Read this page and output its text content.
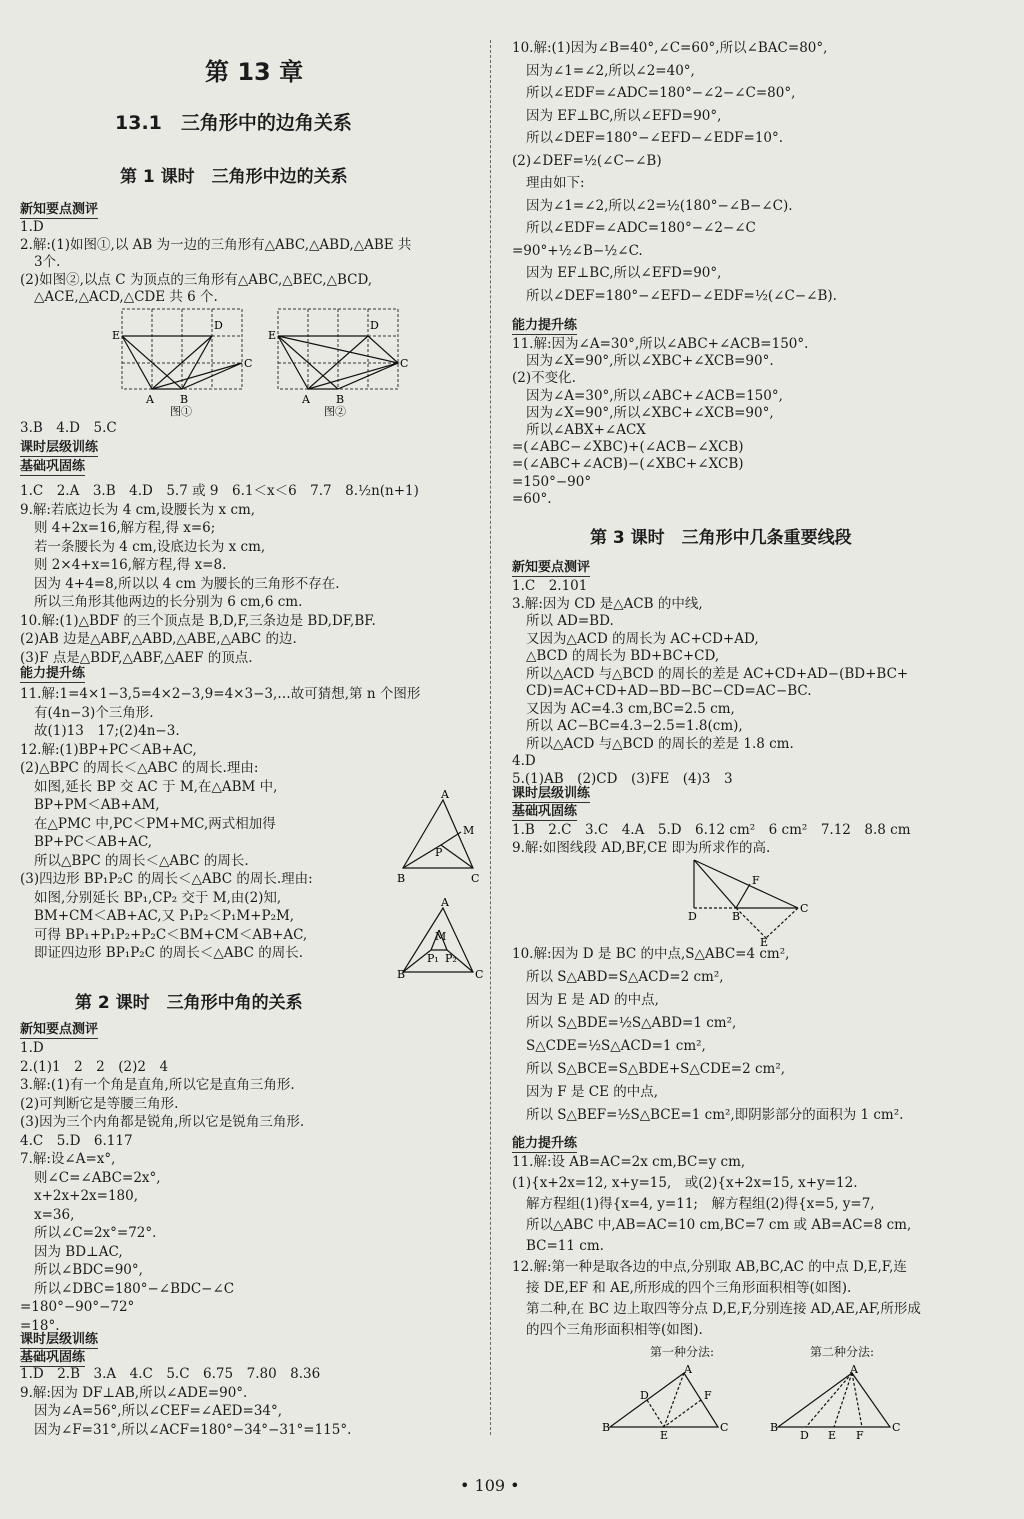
第 13 章
13.1　三角形中的边角关系
第 1 课时　三角形中边的关系
新知要点测评
1.D
2.解:(1)如图①,以 AB 为一边的三角形有△ABC,△ABD,△ABE 共
3个.
(2)如图②,以点 C 为顶点的三角形有△ABC,△BEC,△BCD,
△ACE,△ACD,△CDE 共 6 个.
E
D
A B
C
E
D
A B
C
图①	图②
3.B　4.D　5.C
课时层级训练
基础巩固练
1.C　2.A　3.B　4.D　5.7 或 9　6.1＜x＜6　7.7　8.½n(n+1)
9.解:若底边长为 4 cm,设腰长为 x cm,
则 4+2x=16,解方程,得 x=6;
若一条腰长为 4 cm,设底边长为 x cm,
则 2×4+x=16,解方程,得 x=8.
因为 4+4=8,所以以 4 cm 为腰长的三角形不存在.
所以三角形其他两边的长分别为 6 cm,6 cm.
10.解:(1)△BDF 的三个顶点是 B,D,F,三条边是 BD,DF,BF.
(2)AB 边是△ABF,△ABD,△ABE,△ABC 的边.
(3)F 点是△BDF,△ABF,△AEF 的顶点.
能力提升练
11.解:1=4×1−3,5=4×2−3,9=4×3−3,…故可猜想,第 n 个图形
有(4n−3)个三角形.
故(1)13　17;(2)4n−3.
12.解:(1)BP+PC＜AB+AC,
(2)△BPC 的周长＜△ABC 的周长.理由:
如图,延长 BP 交 AC 于 M,在△ABM 中,
BP+PM＜AB+AM,
在△PMC 中,PC＜PM+MC,两式相加得
BP+PC＜AB+AC,
所以△BPC 的周长＜△ABC 的周长.
(3)四边形 BP₁P₂C 的周长＜△ABC 的周长.理由:
如图,分别延长 BP₁,CP₂ 交于 M,由(2)知,
BM+CM＜AB+AC,又 P₁P₂＜P₁M+P₂M,
可得 BP₁+P₁P₂+P₂C＜BM+CM＜AB+AC,
即证四边形 BP₁P₂C 的周长＜△ABC 的周长.
A
B	C
M
P
A
B	C
M
P₁ P₂
第 2 课时　三角形中角的关系
新知要点测评
1.D
2.(1)1　2　2　(2)2　4
3.解:(1)有一个角是直角,所以它是直角三角形.
(2)可判断它是等腰三角形.
(3)因为三个内角都是锐角,所以它是锐角三角形.
4.C　5.D　6.117
7.解:设∠A=x°,
则∠C=∠ABC=2x°,
x+2x+2x=180,
x=36,
所以∠C=2x°=72°.
因为 BD⊥AC,
所以∠BDC=90°,
所以∠DBC=180°−∠BDC−∠C
=180°−90°−72°
=18°.
课时层级训练
基础巩固练
1.D　2.B　3.A　4.C　5.C　6.75　7.80　8.36
9.解:因为 DF⊥AB,所以∠ADE=90°.
因为∠A=56°,所以∠CEF=∠AED=34°,
因为∠F=31°,所以∠ACF=180°−34°−31°=115°.
10.解:(1)因为∠B=40°,∠C=60°,所以∠BAC=80°,
因为∠1=∠2,所以∠2=40°,
所以∠EDF=∠ADC=180°−∠2−∠C=80°,
因为 EF⊥BC,所以∠EFD=90°,
所以∠DEF=180°−∠EFD−∠EDF=10°.
(2)∠DEF=½(∠C−∠B)
理由如下:
因为∠1=∠2,所以∠2=½(180°−∠B−∠C).
所以∠EDF=∠ADC=180°−∠2−∠C
=90°+½∠B−½∠C.
因为 EF⊥BC,所以∠EFD=90°,
所以∠DEF=180°−∠EFD−∠EDF=½(∠C−∠B).
能力提升练
11.解:因为∠A=30°,所以∠ABC+∠ACB=150°.
因为∠X=90°,所以∠XBC+∠XCB=90°.
(2)不变化.
因为∠A=30°,所以∠ABC+∠ACB=150°,
因为∠X=90°,所以∠XBC+∠XCB=90°,
所以∠ABX+∠ACX
=(∠ABC−∠XBC)+(∠ACB−∠XCB)
=(∠ABC+∠ACB)−(∠XBC+∠XCB)
=150°−90°
=60°.
第 3 课时　三角形中几条重要线段
新知要点测评
1.C　2.101
3.解:因为 CD 是△ACB 的中线,
所以 AD=BD.
又因为△ACD 的周长为 AC+CD+AD,
△BCD 的周长为 BD+BC+CD,
所以△ACD 与△BCD 的周长的差是 AC+CD+AD−(BD+BC+
CD)=AC+CD+AD−BD−BC−CD=AC−BC.
又因为 AC=4.3 cm,BC=2.5 cm,
所以 AC−BC=4.3−2.5=1.8(cm),
所以△ACD 与△BCD 的周长的差是 1.8 cm.
4.D
5.(1)AB　(2)CD　(3)FE　(4)3　3
课时层级训练
基础巩固练
1.B　2.C　3.C　4.A　5.D　6.12 cm²　6 cm²　7.12　8.8 cm
9.解:如图线段 AD,BF,CE 即为所求作的高.
D	B
C
F
E
10.解:因为 D 是 BC 的中点,S△ABC=4 cm²,
所以 S△ABD=S△ACD=2 cm²,
因为 E 是 AD 的中点,
所以 S△BDE=½S△ABD=1 cm²,
S△CDE=½S△ACD=1 cm²,
所以 S△BCE=S△BDE+S△CDE=2 cm²,
因为 F 是 CE 的中点,
所以 S△BEF=½S△BCE=1 cm²,即阴影部分的面积为 1 cm².
能力提升练
11.解:设 AB=AC=2x cm,BC=y cm,
(1){x+2x=12, x+y=15,　或(2){x+2x=15, x+y=12.
解方程组(1)得{x=4, y=11;　解方程组(2)得{x=5, y=7,
所以△ABC 中,AB=AC=10 cm,BC=7 cm 或 AB=AC=8 cm,
BC=11 cm.
12.解:第一种是取各边的中点,分别取 AB,BC,AC 的中点 D,E,F,连
接 DE,EF 和 AE,所形成的四个三角形面积相等(如图).
第二种,在 BC 边上取四等分点 D,E,F,分别连接 AD,AE,AF,所形成
的四个三角形面积相等(如图).
第一种分法:	第二种分法:
A
B	C
D	F
E
A
B	C
D E F
• 109 •
